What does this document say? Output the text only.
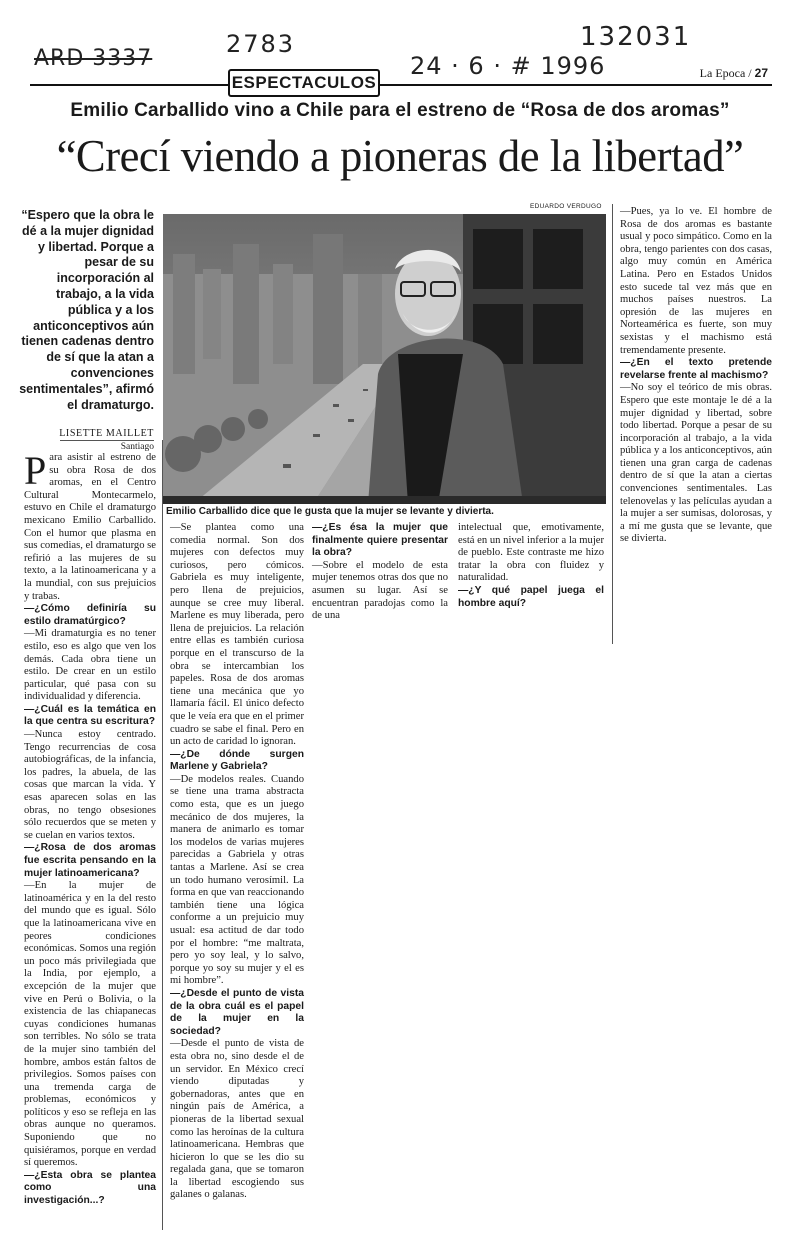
ARD 3337
2783
24 · 6 · # 1996
132031
ESPECTACULOS	La Epoca / 27
Emilio Carballido vino a Chile para el estreno de “Rosa de dos aromas”
“Crecí viendo a pioneras de la libertad”
“Espero que la obra le dé a la mujer dignidad y libertad. Porque a pesar de su incorporación al trabajo, a la vida pública y a los anticonceptivos aún tienen cadenas dentro de sí que la atan a convenciones sentimentales”, afirmó el dramaturgo.
LISETTE MAILLET
Santiago
EDUARDO VERDUGO
Emilio Carballido dice que le gusta que la mujer se levante y divierta.

Para asistir al estreno de su obra Rosa de dos aromas, en el Centro Cultural Montecarmelo, estuvo en Chile el dramaturgo mexicano Emilio Carballido. Con el humor que plasma en sus comedias, el dramaturgo se refirió a las mujeres de su texto, a la latinoamericana y a la mundial, con sus prejuicios y trabas.

—¿Cómo definiría su estilo dramatúrgico?

—Mi dramaturgia es no tener estilo, eso es algo que ven los demás. Cada obra tiene un estilo. De crear en un estilo particular, qué pasa con su individualidad y diferencia.

—¿Cuál es la temática en la que centra su escritura?

—Nunca estoy centrado. Tengo recurrencias de cosa autobiográficas, de la infancia, los padres, la abuela, de las cosas que marcan la vida. Y esas aparecen solas en las obras, no tengo obsesiones sólo recuerdos que se meten y se cuelan en varios textos.

—¿Rosa de dos aromas fue escrita pensando en la mujer latinoamericana?

—En la mujer de latinoamérica y en la del resto del mundo que es igual. Sólo que la latinoamericana vive en peores condiciones económicas. Somos una región un poco más privilegiada que la India, por ejemplo, a excepción de la mujer que vive en Perú o Bolivia, o la existencia de las chiapanecas cuyas condiciones humanas son terribles. No sólo se trata de la mujer sino también del hombre, ambos están faltos de privilegios. Somos países con una tremenda carga de problemas, económicos y políticos y eso se refleja en las obras aunque no queramos. Suponiendo que no quisiéramos, porque en verdad sí queremos.

—¿Esta obra se plantea como una investigación...?

—Se plantea como una comedia normal. Son dos mujeres con defectos muy curiosos, pero cómicos. Gabriela es muy inteligente, pero llena de prejuicios, aunque se cree muy liberal. Marlene es muy liberada, pero llena de prejuicios. La relación entre ellas es también curiosa porque en el transcurso de la obra se intercambian los papeles. Rosa de dos aromas tiene una mecánica que yo llamaría fácil. El único defecto que le veía era que en el primer cuadro se sabe el final. Pero en un acto de caridad lo ignoran.

—¿De dónde surgen Marlene y Gabriela?

—De modelos reales. Cuando se tiene una trama abstracta como esta, que es un juego mecánico de dos mujeres, la manera de animarlo es tomar los modelos de varias mujeres parecidas a Gabriela y otras tantas a Marlene. Así se crea un todo humano verosímil. La forma en que van reaccionando también tiene una lógica conforme a un prejuicio muy usual: esa actitud de dar todo por el hombre: “me maltrata, pero yo soy leal, y lo salvo, porque yo soy su mujer y el es mi hombre”.

—¿Desde el punto de vista de la obra cuál es el papel de la mujer en la sociedad?

—Desde el punto de vista de esta obra no, sino desde el de un servidor. En México crecí viendo diputadas y gobernadoras, antes que en ningún país de América, a pioneras de la libertad sexual como las heroínas de la cultura latinoamericana. Hembras que hicieron lo que se les dio su regalada gana, que se tomaron la libertad escogiendo sus galanes o galanas.

—¿Es ésa la mujer que finalmente quiere presentar la obra?

—Sobre el modelo de esta mujer tenemos otras dos que no asumen su lugar. Así se encuentran paradojas como la de una

intelectual que, emotivamente, está en un nivel inferior a la mujer de pueblo. Este contraste me hizo tratar la obra con fluidez y naturalidad.

—¿Y qué papel juega el hombre aquí?

—Pues, ya lo ve. El hombre de Rosa de dos aromas es bastante usual y poco simpático. Como en la obra, tengo parientes con dos casas, algo muy común en América Latina. Pero en Estados Unidos esto sucede tal vez más que en muchos países nuestros. La opresión de las mujeres en Norteamérica es fuerte, son muy sexistas y el machismo está tremendamente presente.

—¿En el texto pretende revelarse frente al machismo?

—No soy el teórico de mis obras. Espero que este montaje le dé a la mujer dignidad y libertad, sobre todo libertad. Porque a pesar de su incorporación al trabajo, a la vida pública y a los anticonceptivos, aún tienen una gran carga de cadenas dentro de sí que la atan a ciertas convenciones sentimentales. Las telenovelas y las películas ayudan a la mujer a ser sumisas, dolorosas, y a mí me gusta que se levante, que se divierta.
